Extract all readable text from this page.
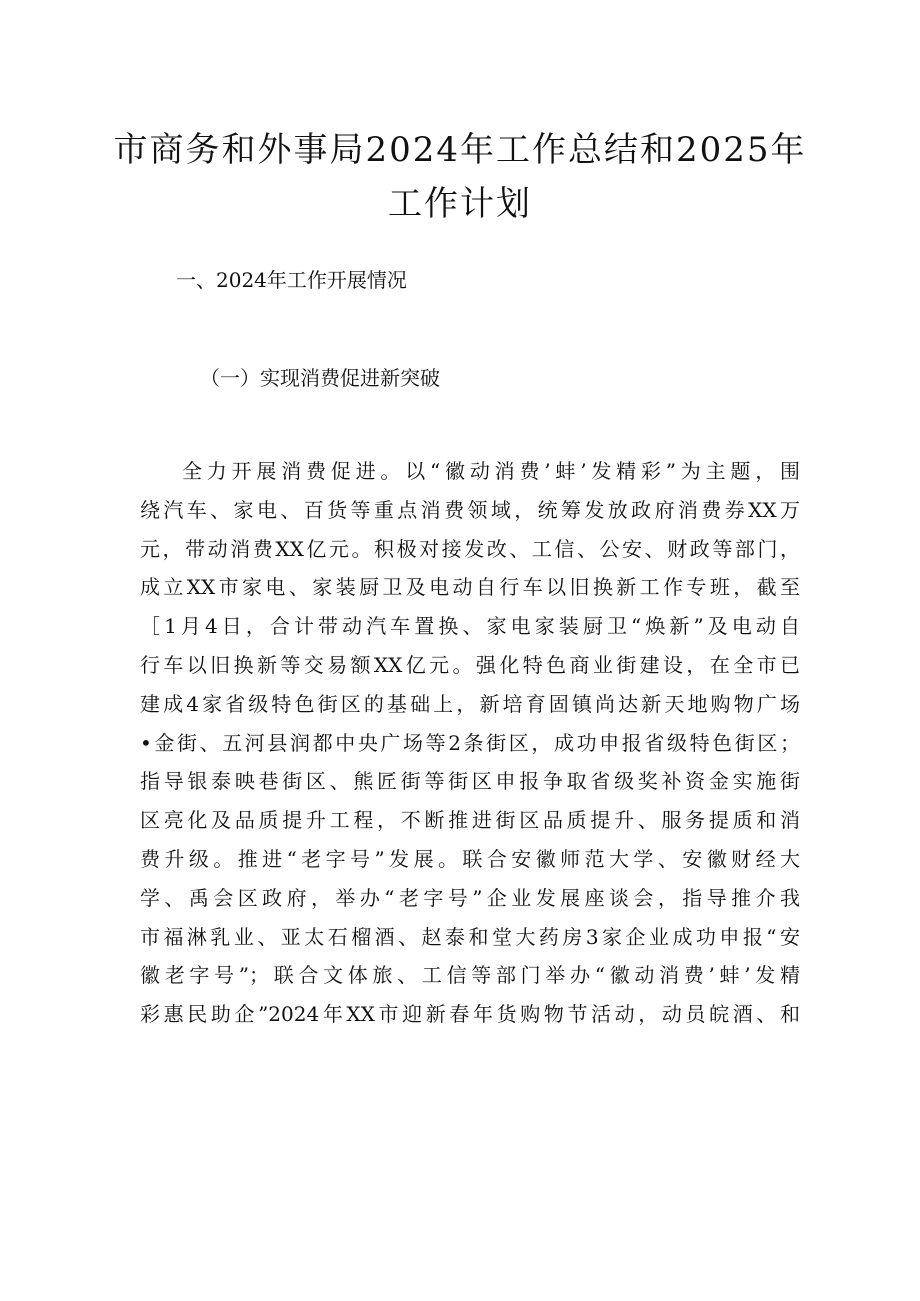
市商务和外事局2024年工作总结和2025年
工作计划

一、2024年工作开展情况

（一）实现消费促进新突破

全力开展消费促进。以“徽动消费’蚌’发精彩”为主题，围
绕汽车、家电、百货等重点消费领域，统筹发放政府消费券XX万
元，带动消费XX亿元。积极对接发改、工信、公安、财政等部门，
成立XX市家电、家装厨卫及电动自行车以旧换新工作专班，截至
［1月4日，合计带动汽车置换、家电家装厨卫“焕新”及电动自
行车以旧换新等交易额XX亿元。强化特色商业街建设，在全市已
建成4家省级特色街区的基础上，新培育固镇尚达新天地购物广场
•金街、五河县润都中央广场等2条街区，成功申报省级特色街区；
指导银泰映巷街区、熊匠街等街区申报争取省级奖补资金实施街
区亮化及品质提升工程，不断推进街区品质提升、服务提质和消
费升级。推进“老字号”发展。联合安徽师范大学、安徽财经大
学、禹会区政府，举办“老字号”企业发展座谈会，指导推介我
市福淋乳业、亚太石榴酒、赵泰和堂大药房3家企业成功申报“安
徽老字号”；联合文体旅、工信等部门举办“徽动消费’蚌’发精
彩惠民助企”2024年XX市迎新春年货购物节活动，动员皖酒、和
